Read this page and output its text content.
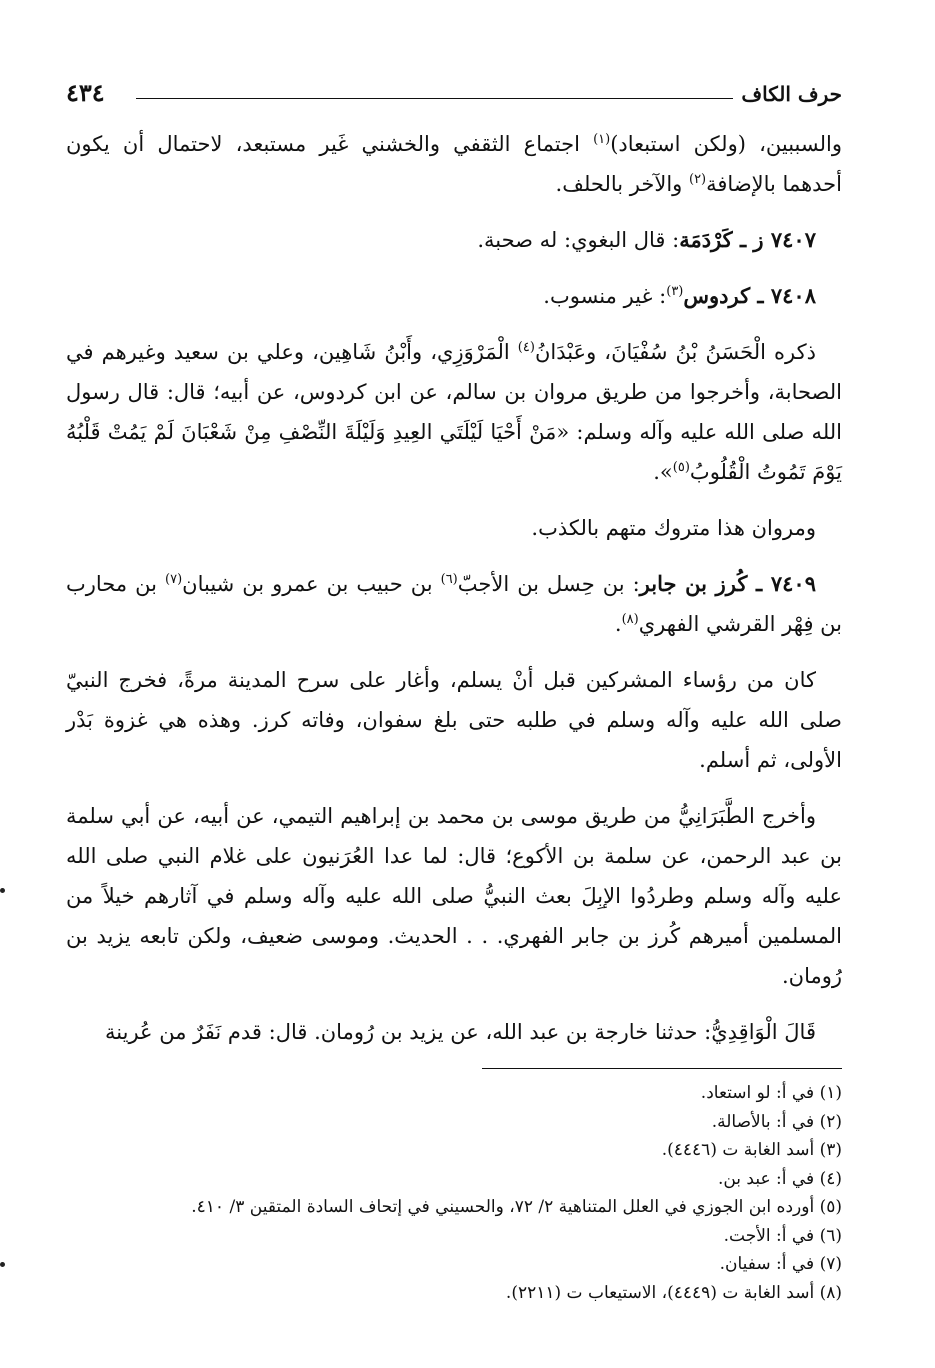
حرف الكاف
٤٣٤

والسببين، (ولكن استبعاد)$^{(١)}$ اجتماع الثقفي والخشني غَير مستبعد، لاحتمال أن يكون أحدهما بالإضافة$^{(٢)}$ والآخر بالحلف.

٧٤٠٧ ز ـ كَرْدَمَة: قال البغوي: له صحبة.

٧٤٠٨ ـ كردوس$^{(٣)}$: غير منسوب.

ذكره الْحَسَنُ بْنُ سُفْيَانَ، وعَبْدَانُ$^{(٤)}$ الْمَرْوَزِي، وأَبْنُ شَاهِين، وعلي بن سعيد وغيرهم في الصحابة، وأخرجوا من طريق مروان بن سالم، عن ابن كردوس، عن أبيه؛ قال: قال رسول الله صلى الله عليه وآله وسلم: «مَنْ أَحْيَا لَيْلَتَي العِيدِ وَلَيْلَةَ النِّصْفِ مِنْ شَعْبَانَ لَمْ يَمُتْ قَلْبُهُ يَوْمَ تَمُوتُ الْقُلُوبُ$^{(٥)}$».

ومروان هذا متروك متهم بالكذب.

٧٤٠٩ ـ كُرز بن جابر: بن حِسل بن الأجبّ$^{(٦)}$ بن حبيب بن عمرو بن شيبان$^{(٧)}$ بن محارب بن فِهْر القرشي الفهري$^{(٨)}$.

كان من رؤساء المشركين قبل أنْ يسلم، وأغار على سرح المدينة مرةً، فخرج النبيّ صلى الله عليه وآله وسلم في طلبه حتى بلغ سفوان، وفاته كرز. وهذه هي غزوة بَدْر الأولى، ثم أسلم.

وأخرج الطَّبَرَانِيُّ من طريق موسى بن محمد بن إبراهيم التيمي، عن أبيه، عن أبي سلمة بن عبد الرحمن، عن سلمة بن الأكوع؛ قال: لما عدا العُرَنيون على غلام النبي صلى الله عليه وآله وسلم وطردُوا الإبِلَ بعث النبيُّ صلى الله عليه وآله وسلم في آثارهم خيلاً من المسلمين أميرهم كُرز بن جابر الفهري. . . الحديث. وموسى ضعيف، ولكن تابعه يزيد بن رُومان.

قَالَ الْوَاقِدِيُّ: حدثنا خارجة بن عبد الله، عن يزيد بن رُومان. قال: قدم نَفَرٌ من عُرينة

(١) في أ: لو استعاد.
(٢) في أ: بالأصالة.
(٣) أسد الغابة ت (٤٤٤٦).
(٤) في أ: عبد بن.
(٥) أورده ابن الجوزي في العلل المتناهية ٢/ ٧٢، والحسيني في إتحاف السادة المتقين ٣/ ٤١٠.
(٦) في أ: الأجت.
(٧) في أ: سفيان.
(٨) أسد الغابة ت (٤٤٤٩)، الاستيعاب ت (٢٢١١).
